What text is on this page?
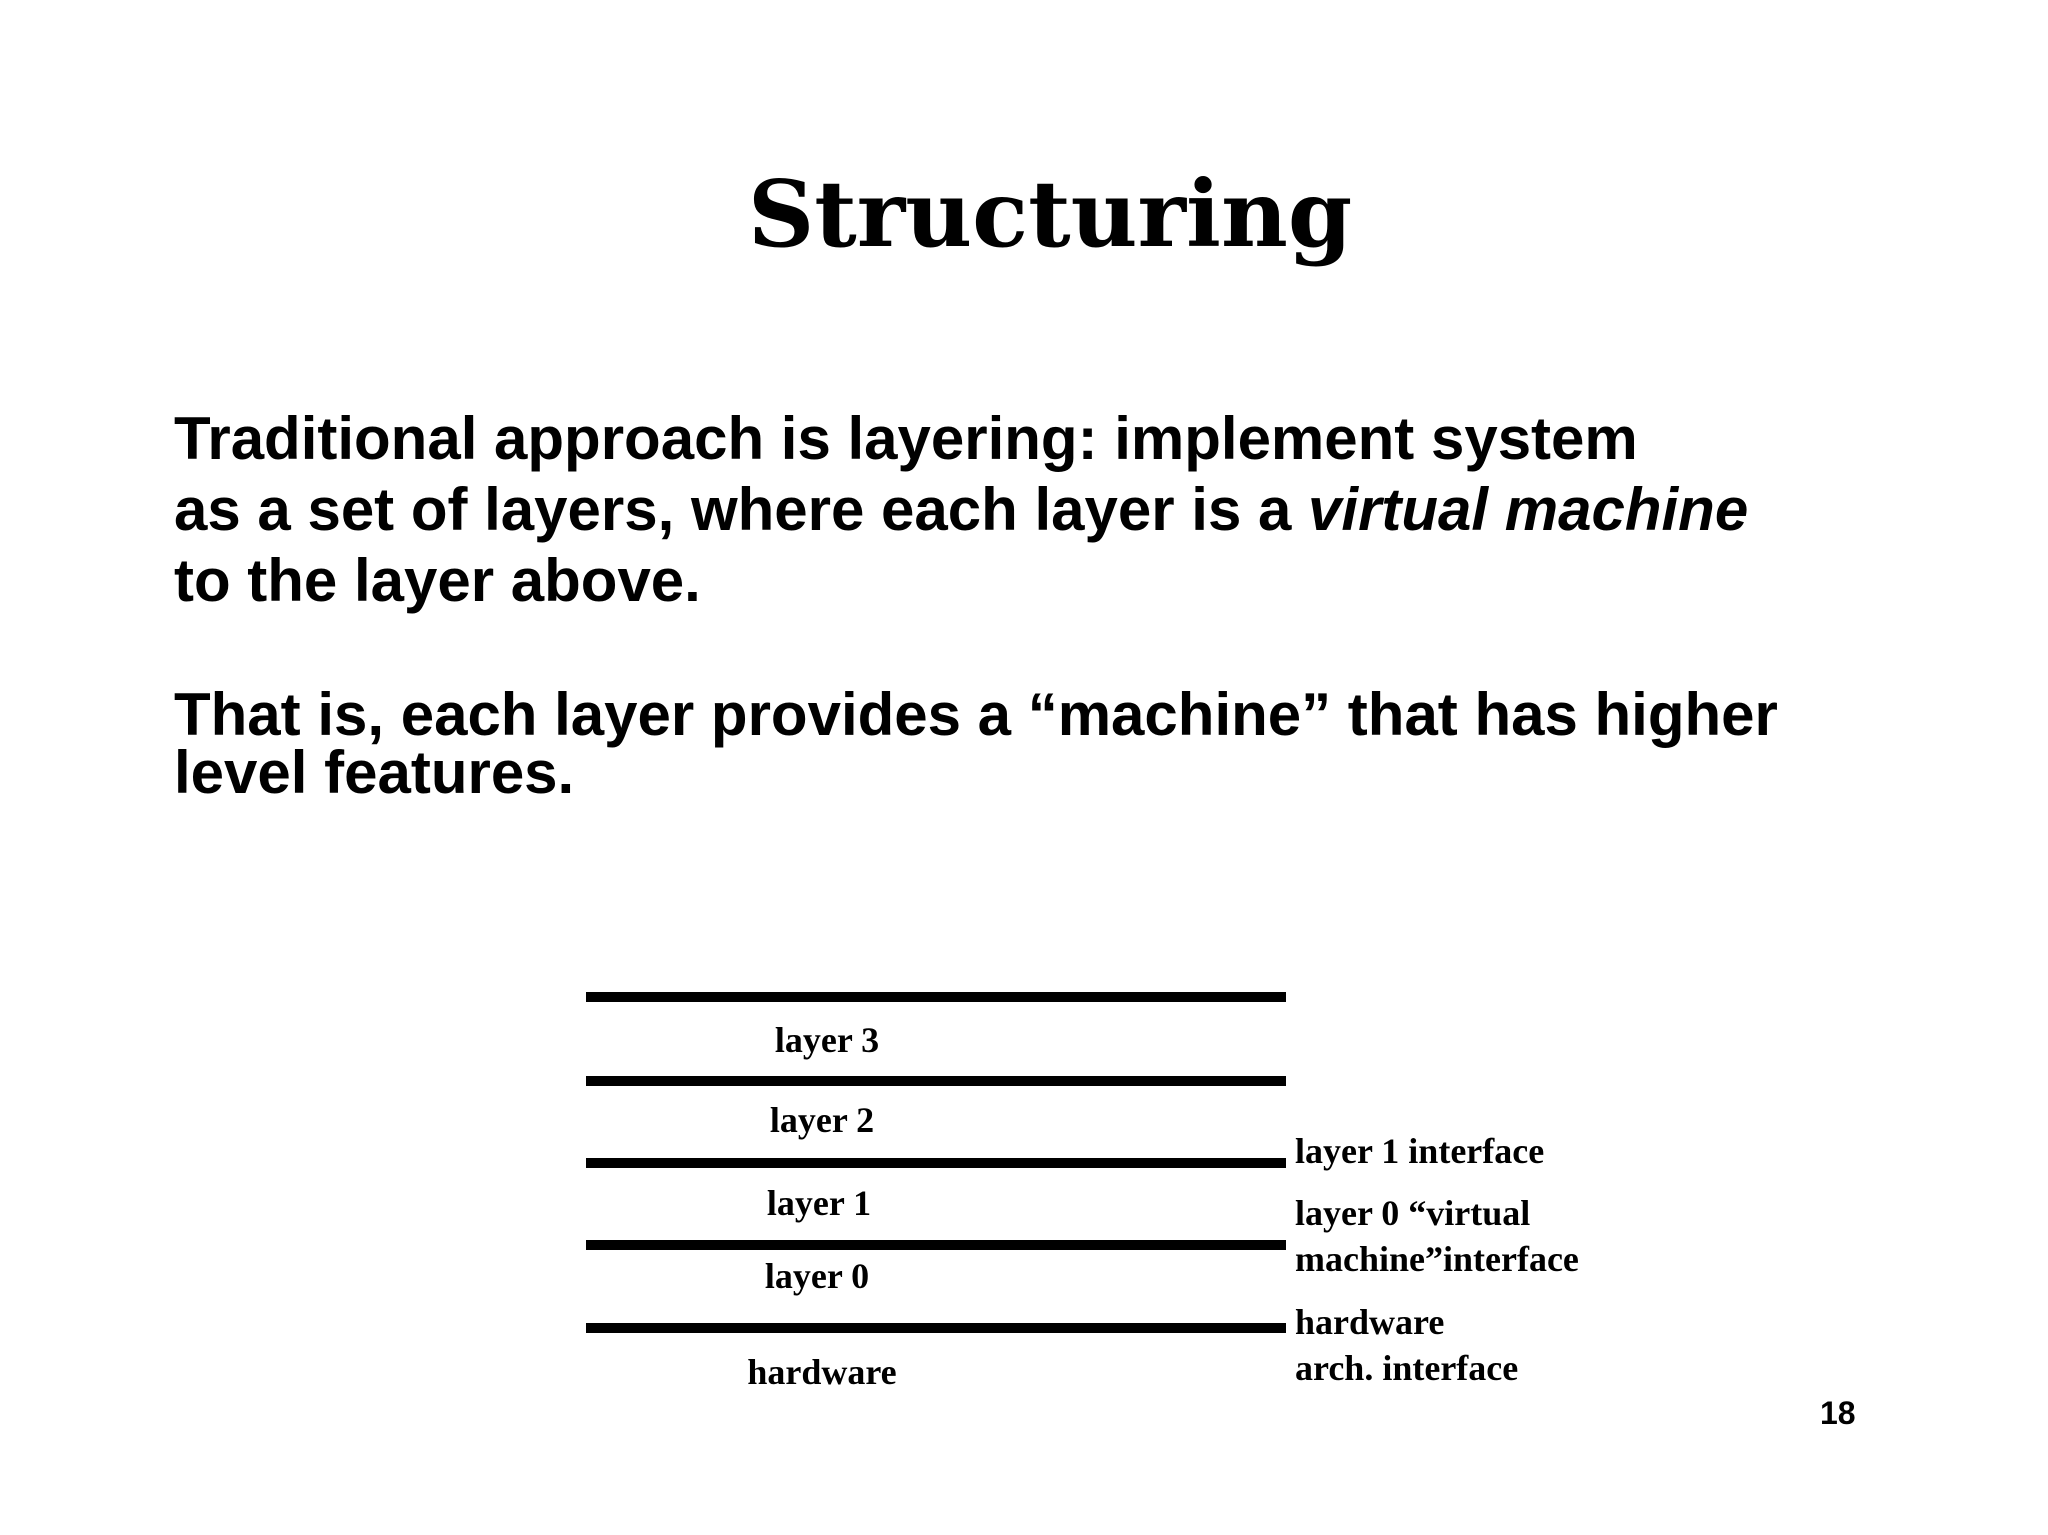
Structuring
Traditional approach is layering: implement system
as a set of layers, where each layer is a virtual machine
to the layer above.
That is, each layer provides a “machine” that has higher
level features.
layer 3
layer 2
layer 1
layer 0
hardware
layer 1 interface
layer 0 “virtual
machine”interface
hardware
arch. interface
18
